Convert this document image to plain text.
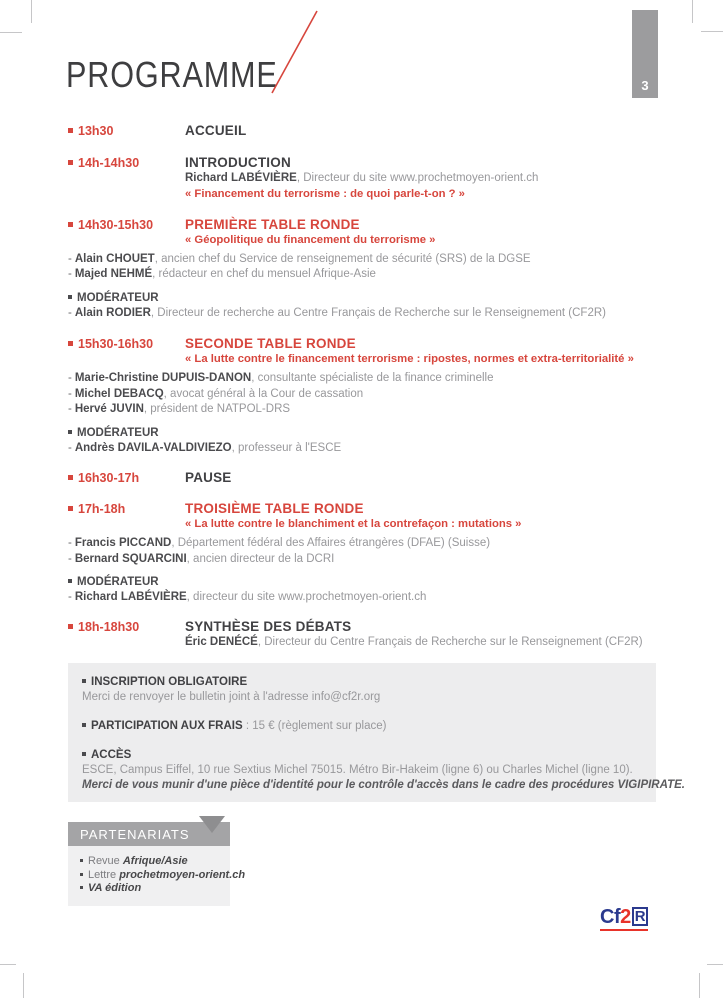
PROGRAMME	3
13h30	ACCUEIL
14h-14h30	INTRODUCTION
Richard LABÉVIÈRE, Directeur du site www.prochetmoyen-orient.ch
« Financement du terrorisme : de quoi parle-t-on ? »
14h30-15h30	PREMIÈRE TABLE RONDE
« Géopolitique du financement du terrorisme »
- Alain CHOUET, ancien chef du Service de renseignement de sécurité (SRS) de la DGSE
- Majed NEHMÉ, rédacteur en chef du mensuel Afrique-Asie
MODÉRATEUR
- Alain RODIER, Directeur de recherche au Centre Français de Recherche sur le Renseignement (CF2R)
15h30-16h30	SECONDE TABLE RONDE
« La lutte contre le financement terrorisme : ripostes, normes et extra-territorialité »
- Marie-Christine DUPUIS-DANON, consultante spécialiste de la finance criminelle
- Michel DEBACQ, avocat général à la Cour de cassation
- Hervé JUVIN, président de NATPOL-DRS
MODÉRATEUR
- Andrès DAVILA-VALDIVIEZO, professeur à l'ESCE
16h30-17h	PAUSE
17h-18h	TROISIÈME TABLE RONDE
« La lutte contre le blanchiment et la contrefaçon : mutations »
- Francis PICCAND, Département fédéral des Affaires étrangères (DFAE) (Suisse)
- Bernard SQUARCINI, ancien directeur de la DCRI
MODÉRATEUR
- Richard LABÉVIÈRE, directeur du site www.prochetmoyen-orient.ch
18h-18h30	SYNTHÈSE DES DÉBATS
Éric DENÉCÉ, Directeur du Centre Français de Recherche sur le Renseignement (CF2R)
INSCRIPTION OBLIGATOIRE
Merci de renvoyer le bulletin joint à l'adresse info@cf2r.org
PARTICIPATION AUX FRAIS : 15 € (règlement sur place)
ACCÈS
ESCE, Campus Eiffel, 10 rue Sextius Michel 75015. Métro Bir-Hakeim (ligne 6) ou Charles Michel (ligne 10).
Merci de vous munir d'une pièce d'identité pour le contrôle d'accès dans le cadre des procédures VIGIPIRATE.
PARTENARIATS
Revue Afrique/Asie
Lettre prochetmoyen-orient.ch
VA édition
Cf2 R
